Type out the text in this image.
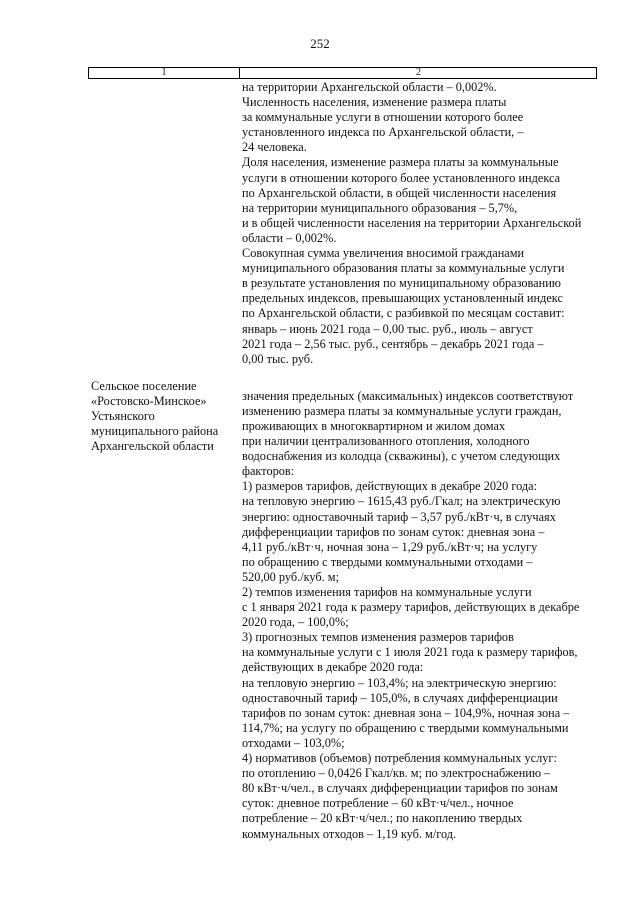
252
1	2
на территории Архангельской области – 0,002%.
Численность населения, изменение размера платы
за коммунальные услуги в отношении которого более
установленного индекса по Архангельской области, –
24 человека.
Доля населения, изменение размера платы за коммунальные
услуги в отношении которого более установленного индекса
по Архангельской области, в общей численности населения
на территории муниципального образования – 5,7%,
и в общей численности населения на территории Архангельской
области – 0,002%.
Совокупная сумма увеличения вносимой гражданами
муниципального образования платы за коммунальные услуги
в результате установления по муниципальному образованию
предельных индексов, превышающих установленный индекс
по Архангельской области, с разбивкой по месяцам составит:
январь – июнь 2021 года – 0,00 тыс. руб., июль – август
2021 года – 2,56 тыс. руб., сентябрь – декабрь 2021 года –
0,00 тыс. руб.
значения предельных (максимальных) индексов соответствуют
изменению размера платы за коммунальные услуги граждан,
проживающих в многоквартирном и жилом домах
при наличии централизованного отопления, холодного
водоснабжения из колодца (скважины), с учетом следующих
факторов:
1) размеров тарифов, действующих в декабре 2020 года:
на тепловую энергию – 1615,43 руб./Гкал; на электрическую
энергию: одноставочный тариф – 3,57 руб./кВт·ч, в случаях
дифференциации тарифов по зонам суток: дневная зона –
4,11 руб./кВт·ч, ночная зона – 1,29 руб./кВт·ч; на услугу
по обращению с твердыми коммунальными отходами –
520,00 руб./куб. м;
2) темпов изменения тарифов на коммунальные услуги
с 1 января 2021 года к размеру тарифов, действующих в декабре
2020 года, – 100,0%;
3) прогнозных темпов изменения размеров тарифов
на коммунальные услуги с 1 июля 2021 года к размеру тарифов,
действующих в декабре 2020 года:
на тепловую энергию – 103,4%; на электрическую энергию:
одноставочный тариф – 105,0%, в случаях дифференциации
тарифов по зонам суток: дневная зона – 104,9%, ночная зона –
114,7%; на услугу по обращению с твердыми коммунальными
отходами – 103,0%;
4) нормативов (объемов) потребления коммунальных услуг:
по отоплению – 0,0426 Гкал/кв. м; по электроснабжению –
80 кВт·ч/чел., в случаях дифференциации тарифов по зонам
суток: дневное потребление – 60 кВт·ч/чел., ночное
потребление – 20 кВт·ч/чел.; по накоплению твердых
коммунальных отходов – 1,19 куб. м/год.
Сельское поселение
«Ростовско-Минское»
Устьянского
муниципального района
Архангельской области
